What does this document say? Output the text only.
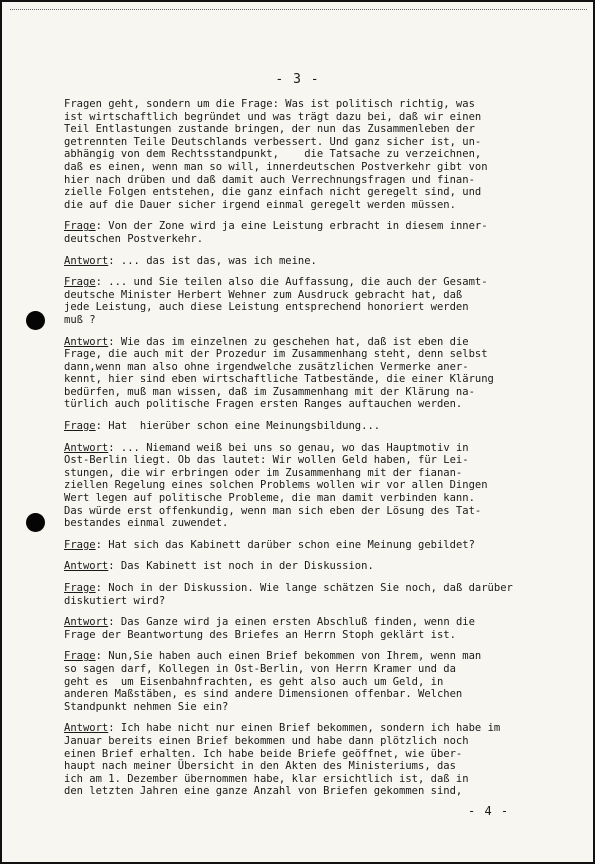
- 3 -
Fragen geht, sondern um die Frage: Was ist politisch richtig, was
ist wirtschaftlich begründet und was trägt dazu bei, daß wir einen
Teil Entlastungen zustande bringen, der nun das Zusammenleben der
getrennten Teile Deutschlands verbessert. Und ganz sicher ist, un-
abhängig von dem Rechtsstandpunkt,    die Tatsache zu verzeichnen,
daß es einen, wenn man so will, innerdeutschen Postverkehr gibt von
hier nach drüben und daß damit auch Verrechnungsfragen und finan-
zielle Folgen entstehen, die ganz einfach nicht geregelt sind, und
die auf die Dauer sicher irgend einmal geregelt werden müssen.
Frage: Von der Zone wird ja eine Leistung erbracht in diesem inner-
deutschen Postverkehr.
Antwort: ... das ist das, was ich meine.
Frage: ... und Sie teilen also die Auffassung, die auch der Gesamt-
deutsche Minister Herbert Wehner zum Ausdruck gebracht hat, daß
jede Leistung, auch diese Leistung entsprechend honoriert werden
muß ?
Antwort: Wie das im einzelnen zu geschehen hat, daß ist eben die
Frage, die auch mit der Prozedur im Zusammenhang steht, denn selbst
dann,wenn man also ohne irgendwelche zusätzlichen Vermerke aner-
kennt, hier sind eben wirtschaftliche Tatbestände, die einer Klärung
bedürfen, muß man wissen, daß im Zusammenhang mit der Klärung na-
türlich auch politische Fragen ersten Ranges auftauchen werden.
Frage: Hat  hierüber schon eine Meinungsbildung...
Antwort: ... Niemand weiß bei uns so genau, wo das Hauptmotiv in
Ost-Berlin liegt. Ob das lautet: Wir wollen Geld haben, für Lei-
stungen, die wir erbringen oder im Zusammenhang mit der fianan-
ziellen Regelung eines solchen Problems wollen wir vor allen Dingen
Wert legen auf politische Probleme, die man damit verbinden kann.
Das würde erst offenkundig, wenn man sich eben der Lösung des Tat-
bestandes einmal zuwendet.
Frage: Hat sich das Kabinett darüber schon eine Meinung gebildet?
Antwort: Das Kabinett ist noch in der Diskussion.
Frage: Noch in der Diskussion. Wie lange schätzen Sie noch, daß darüber
diskutiert wird?
Antwort: Das Ganze wird ja einen ersten Abschluß finden, wenn die
Frage der Beantwortung des Briefes an Herrn Stoph geklärt ist.
Frage: Nun,Sie haben auch einen Brief bekommen von Ihrem, wenn man
so sagen darf, Kollegen in Ost-Berlin, von Herrn Kramer und da
geht es  um Eisenbahnfrachten, es geht also auch um Geld, in
anderen Maßstäben, es sind andere Dimensionen offenbar. Welchen
Standpunkt nehmen Sie ein?
Antwort: Ich habe nicht nur einen Brief bekommen, sondern ich habe im
Januar bereits einen Brief bekommen und habe dann plötzlich noch
einen Brief erhalten. Ich habe beide Briefe geöffnet, wie über-
haupt nach meiner Übersicht in den Akten des Ministeriums, das
ich am 1. Dezember übernommen habe, klar ersichtlich ist, daß in
den letzten Jahren eine ganze Anzahl von Briefen gekommen sind,
- 4 -
